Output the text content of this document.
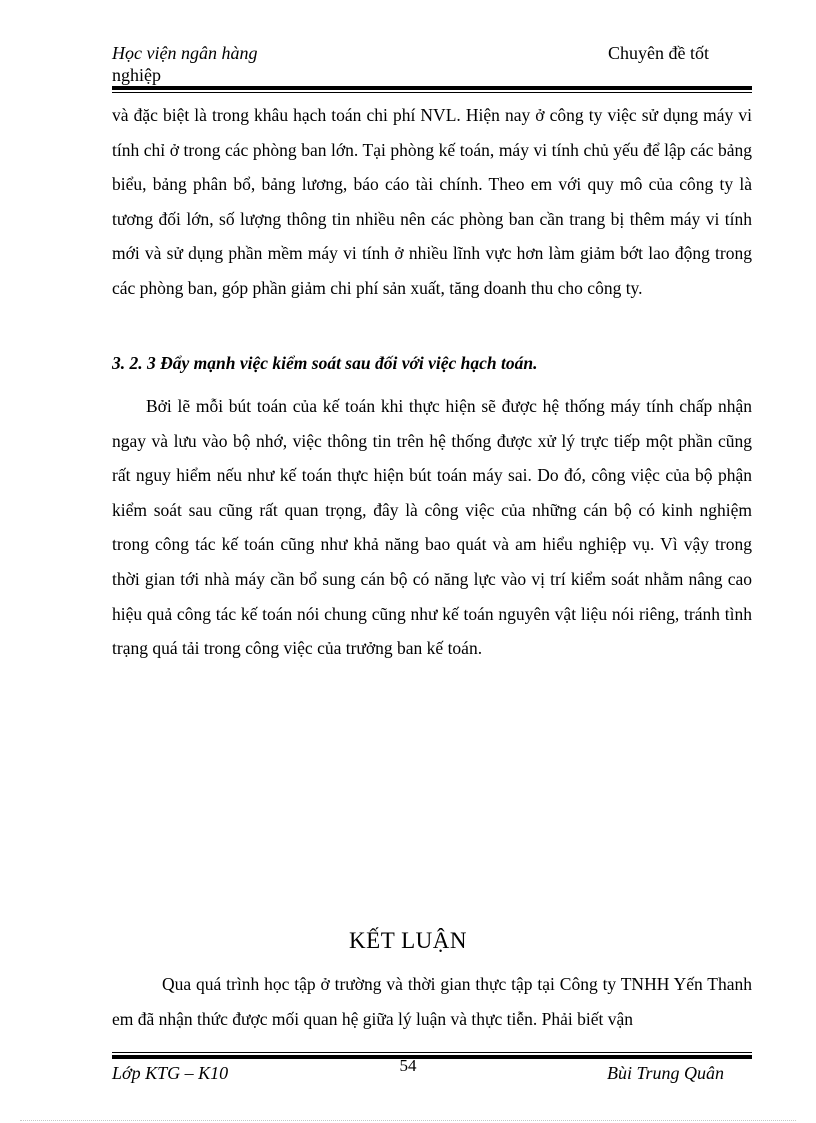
Học viện ngân hàng
nghiệp
Chuyên đề tốt

và đặc biệt là trong khâu hạch toán chi phí NVL. Hiện nay ở công ty việc sử dụng máy vi tính chỉ ở trong các phòng ban lớn. Tại phòng kế toán, máy vi tính chủ yếu để lập các bảng biểu, bảng phân bổ, bảng lương, báo cáo tài chính. Theo em với quy mô của công ty là tương đối lớn, số lượng thông tin nhiều nên các phòng ban cần trang bị thêm máy vi tính mới và sử dụng phần mềm máy vi tính ở nhiều lĩnh vực hơn làm giảm bớt lao động trong các phòng ban, góp phần giảm chi phí sản xuất, tăng doanh thu cho công ty.

3. 2. 3 Đẩy mạnh việc kiểm soát sau đối với việc hạch toán.

Bởi lẽ mỗi bút toán của kế toán khi thực hiện sẽ được hệ thống máy tính chấp nhận ngay và lưu vào bộ nhớ, việc thông tin trên hệ thống được xử lý trực tiếp một phần cũng rất nguy hiểm nếu như kế toán thực hiện bút toán máy sai. Do đó, công việc của bộ phận kiểm soát sau cũng rất quan trọng, đây là công việc của những cán bộ có kinh nghiệm trong công tác kế toán cũng như khả năng bao quát và am hiểu nghiệp vụ. Vì vậy trong thời gian tới nhà máy cần bổ sung cán bộ có năng lực vào vị trí kiểm soát nhằm nâng cao hiệu quả công tác kế toán nói chung cũng như kế toán nguyên vật liệu nói riêng, tránh tình trạng quá tải trong công việc của trưởng ban kế toán.

KẾT LUẬN

Qua quá trình học tập ở trường và thời gian thực tập tại Công ty TNHH Yến Thanh em đã nhận thức được mối quan hệ giữa lý luận và thực tiễn. Phải biết vận

Lớp KTG – K10	54	Bùi Trung Quân
